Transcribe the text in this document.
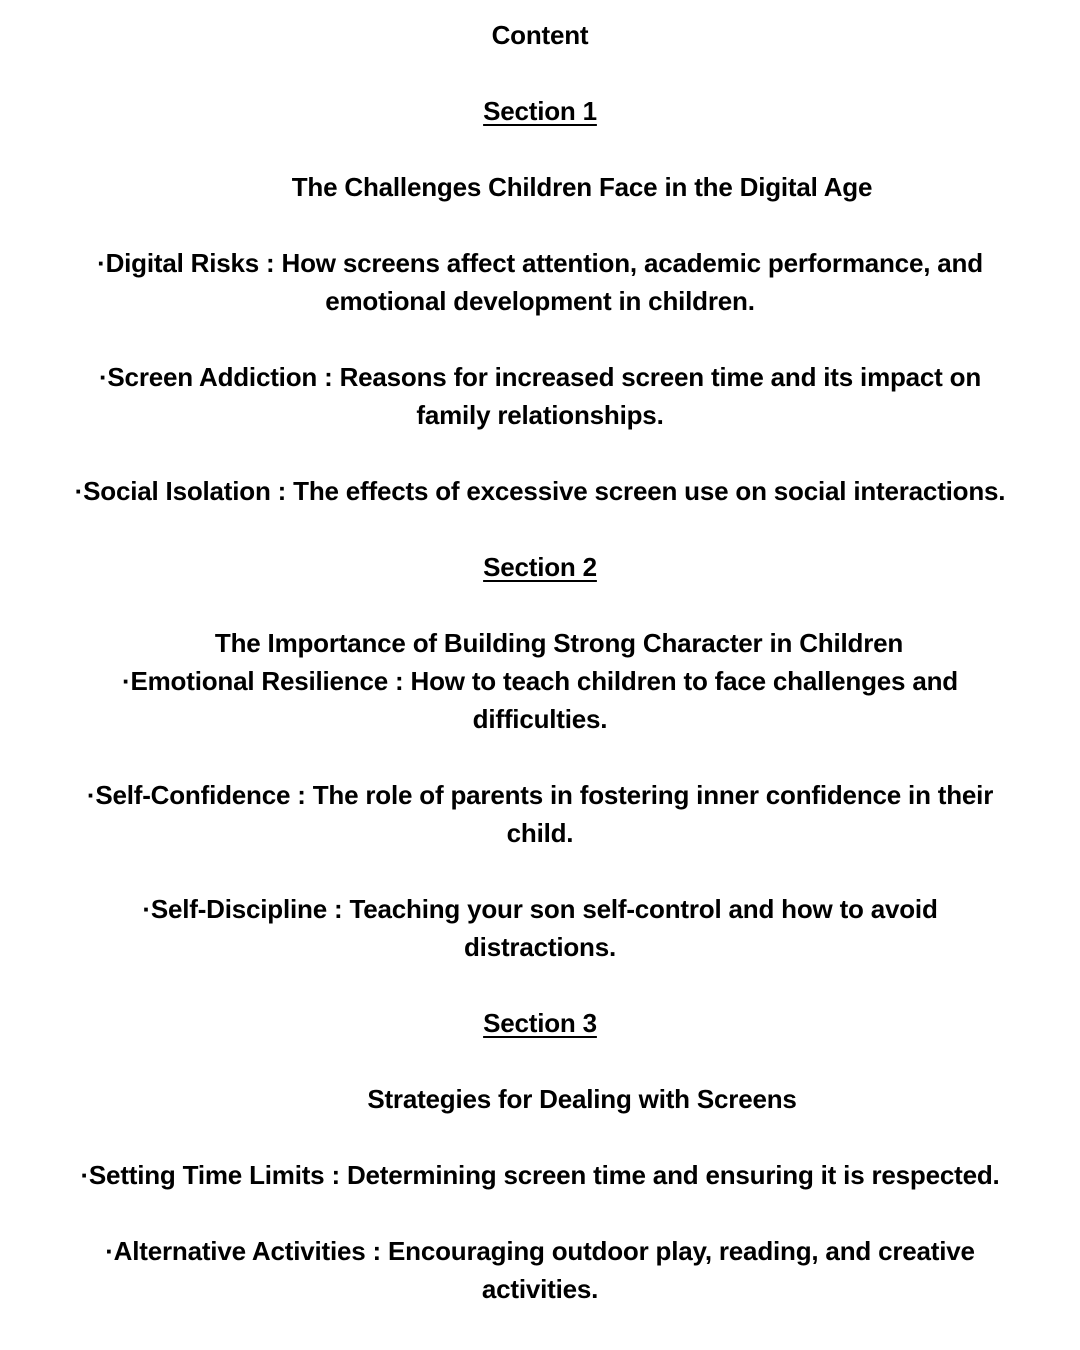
Content
Section 1
The Challenges Children Face in the Digital Age
·Digital Risks : How screens affect attention, academic performance, and
emotional development in children.
·Screen Addiction : Reasons for increased screen time and its impact on
family relationships.
·Social Isolation : The effects of excessive screen use on social interactions.
Section 2
The Importance of Building Strong Character in Children
·Emotional Resilience : How to teach children to face challenges and
difficulties.
·Self-Confidence : The role of parents in fostering inner confidence in their
child.
·Self-Discipline : Teaching your son self-control and how to avoid
distractions.
Section 3
Strategies for Dealing with Screens
·Setting Time Limits : Determining screen time and ensuring it is respected.
·Alternative Activities : Encouraging outdoor play, reading, and creative
activities.
